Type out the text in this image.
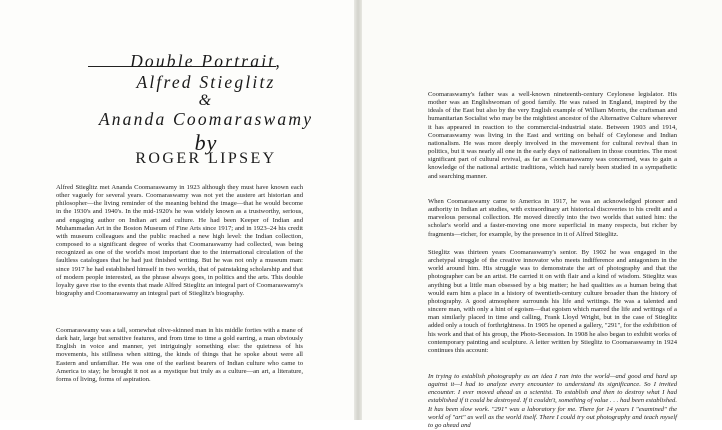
Double Portrait,
Alfred Stieglitz
&
Ananda Coomaraswamy
by
ROGER LIPSEY

Alfred Stieglitz met Ananda Coomaraswamy in 1923 although they must have known each other vaguely for several years. Coomaraswamy was not yet the austere art historian and philosopher—the living reminder of the meaning behind the image—that he would become in the 1930's and 1940's. In the mid-1920's he was widely known as a trustworthy, serious, and engaging author on Indian art and culture. He had been Keeper of Indian and Muhammadan Art in the Boston Museum of Fine Arts since 1917; and in 1923–24 his credit with museum colleagues and the public reached a new high level: the Indian collection, composed to a significant degree of works that Coomaraswamy had collected, was being recognized as one of the world's most important due to the international circulation of the faultless catalogues that he had just finished writing. But he was not only a museum man: since 1917 he had established himself in two worlds, that of painstaking scholarship and that of modern people interested, as the phrase always goes, in politics and the arts. This double loyalty gave rise to the events that made Alfred Stieglitz an integral part of Coomaraswamy's biography and Coomaraswamy an integral part of Stieglitz's biography.

Coomaraswamy was a tall, somewhat olive-skinned man in his middle forties with a mane of dark hair, large but sensitive features, and from time to time a gold earring, a man obviously English in voice and manner, yet intriguingly something else: the quietness of his movements, his stillness when sitting, the kinds of things that he spoke about were all Eastern and unfamiliar. He was one of the earliest bearers of Indian culture who came to America to stay; he brought it not as a mystique but truly as a culture—an art, a literature, forms of living, forms of aspiration.

Coomaraswamy's father was a well-known nineteenth-century Ceylonese legislator. His mother was an Englishwoman of good family. He was raised in England, inspired by the ideals of the East but also by the very English example of William Morris, the craftsman and humanitarian Socialist who may be the mightiest ancestor of the Alternative Culture wherever it has appeared in reaction to the commercial-industrial state. Between 1903 and 1914, Coomaraswamy was living in the East and writing on behalf of Ceylonese and Indian nationalism. He was more deeply involved in the movement for cultural revival than in politics, but it was nearly all one in the early days of nationalism in those countries. The most significant part of cultural revival, as far as Coomaraswamy was concerned, was to gain a knowledge of the national artistic traditions, which had rarely been studied in a sympathetic and searching manner.

When Coomaraswamy came to America in 1917, he was an acknowledged pioneer and authority in Indian art studies, with extraordinary art historical discoveries to his credit and a marvelous personal collection. He moved directly into the two worlds that suited him: the scholar's world and a faster-moving one more superficial in many respects, but richer by fragments—richer, for example, by the presence in it of Alfred Stieglitz.

Stieglitz was thirteen years Coomaraswamy's senior. By 1902 he was engaged in the archetypal struggle of the creative innovator who meets indifference and antagonism in the world around him. His struggle was to demonstrate the art of photography and that the photographer can be an artist. He carried it on with flair and a kind of wisdom. Stieglitz was anything but a little man obsessed by a big matter; he had qualities as a human being that would earn him a place in a history of twentieth-century culture broader than the history of photography. A good atmosphere surrounds his life and writings. He was a talented and sincere man, with only a hint of egoism—that egoism which marred the life and writings of a man similarly placed in time and calling, Frank Lloyd Wright, but in the case of Stieglitz added only a touch of forthrightness. In 1905 he opened a gallery, "291", for the exhibition of his work and that of his group, the Photo-Secession. In 1908 he also began to exhibit works of contemporary painting and sculpture. A letter written by Stieglitz to Coomaraswamy in 1924 continues this account:

In trying to establish photography as an idea I ran into the world—and good and hard up against it—I had to analyze every encounter to understand its significance. So I invited encounter. I ever moved ahead as a scientist. To establish and then to destroy what I had established if it could be destroyed. If it couldn't, something of value . . . had been established. It has been slow work. "291" was a laboratory for me. There for 14 years I "examined" the world of "art" as well as the world itself. There I could try out photography and teach myself to go ahead and
